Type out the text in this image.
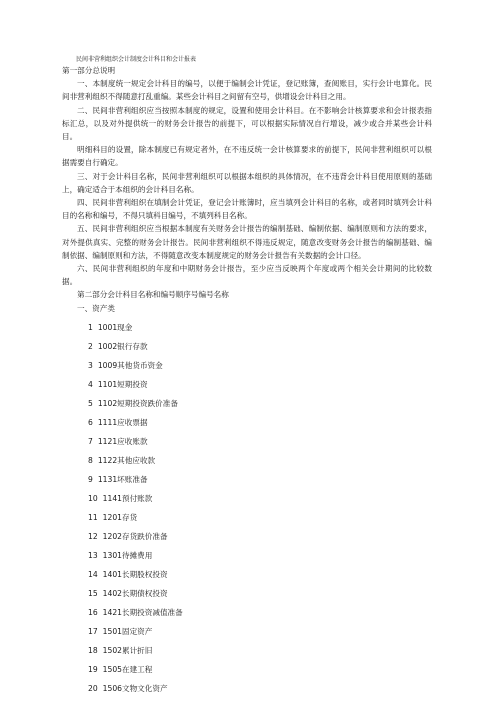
民间非营利组织会计制度会计科目和会计报表

第一部分总说明

一、本制度统一规定会计科目的编号，以便于编制会计凭证，登记账簿，查阅账目，实行会计电算化。民间非营利组织不得随意打乱重编。某些会计科目之间留有空号，供增设会计科目之用。

二、民间非营利组织应当按照本制度的规定，设置和使用会计科目。在不影响会计核算要求和会计报表指标汇总，以及对外提供统一的财务会计报告的前提下，可以根据实际情况自行增设，减少或合并某些会计科目。

明细科目的设置，除本制度已有规定者外，在不违反统一会计核算要求的前提下，民间非营利组织可以根据需要自行确定。

三、对于会计科目名称，民间非营利组织可以根据本组织的具体情况，在不违背会计科目使用原则的基础上，确定适合于本组织的会计科目名称。

四、民间非营利组织在填制会计凭证，登记会计账簿时，应当填列会计科目的名称，或者同时填列会计科目的名称和编号，不得只填科目编号，不填列科目名称。

五、民间非营利组织应当根据本制度有关财务会计报告的编制基础、编制依据、编制原则和方法的要求，对外提供真实、完整的财务会计报告。民间非营利组织不得违反规定，随意改变财务会计报告的编制基础、编制依据、编制原则和方法，不得随意改变本制度规定的财务会计报告有关数据的会计口径。

六、民间非营利组织的年度和中期财务会计报告，至少应当反映两个年度或两个相关会计期间的比较数据。

第二部分会计科目名称和编号顺序号编号名称

一、资产类

1 1001现金
2 1002银行存款
3 1009其他货币资金
4 1101短期投资
5 1102短期投资跌价准备
6 1111应收票据
7 1121应收账款
8 1122其他应收款
9 1131坏账准备
10 1141预付账款
11 1201存货
12 1202存货跌价准备
13 1301待摊费用
14 1401长期股权投资
15 1402长期债权投资
16 1421长期投资减值准备
17 1501固定资产
18 1502累计折旧
19 1505在建工程
20 1506文物文化资产
